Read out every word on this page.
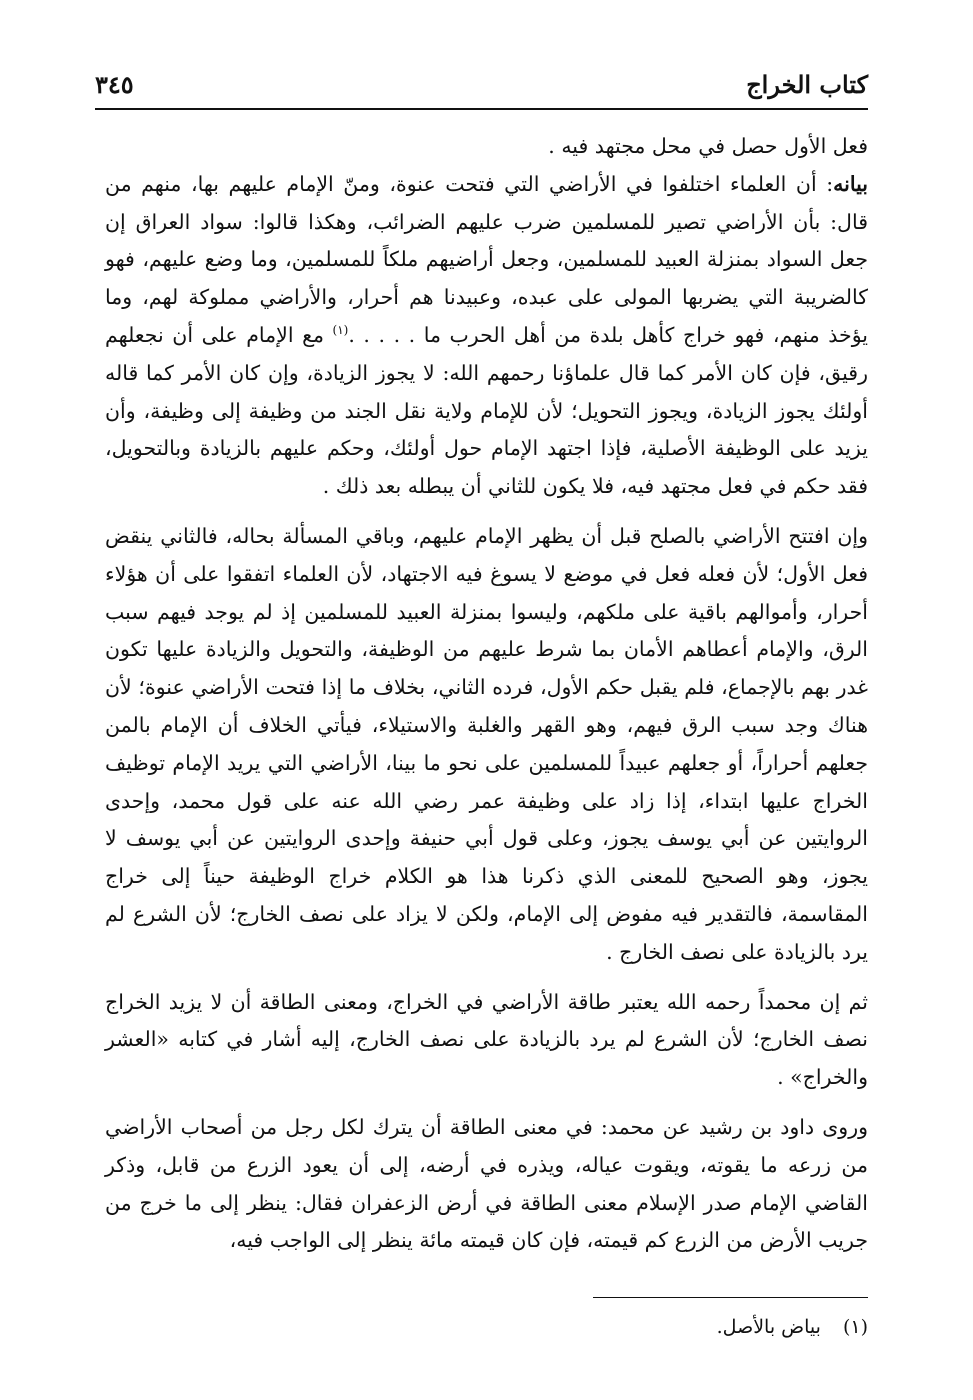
كتاب الخراج
٣٤٥

فعل الأول حصل في محل مجتهد فيه .

بيانه: أن العلماء اختلفوا في الأراضي التي فتحت عنوة، ومنّ الإمام عليهم بها، منهم من قال: بأن الأراضي تصير للمسلمين ضرب عليهم الضرائب، وهكذا قالوا: سواد العراق إن جعل السواد بمنزلة العبيد للمسلمين، وجعل أراضيهم ملكاً للمسلمين، وما وضع عليهم، فهو كالضريبة التي يضربها المولى على عبده، وعبيدنا هم أحرار، والأراضي مملوكة لهم، وما يؤخذ منهم، فهو خراج كأهل بلدة من أهل الحرب ما . . . . .$^{(١)}$ مع الإمام على أن نجعلهم رقيق، فإن كان الأمر كما قال علماؤنا رحمهم الله: لا يجوز الزيادة، وإن كان الأمر كما قاله أولئك يجوز الزيادة، ويجوز التحويل؛ لأن للإمام ولاية نقل الجند من وظيفة إلى وظيفة، وأن يزيد على الوظيفة الأصلية، فإذا اجتهد الإمام حول أولئك، وحكم عليهم بالزيادة وبالتحويل، فقد حكم في فعل مجتهد فيه، فلا يكون للثاني أن يبطله بعد ذلك .

وإن افتتح الأراضي بالصلح قبل أن يظهر الإمام عليهم، وباقي المسألة بحاله، فالثاني ينقض فعل الأول؛ لأن فعله فعل في موضع لا يسوغ فيه الاجتهاد، لأن العلماء اتفقوا على أن هؤلاء أحرار، وأموالهم باقية على ملكهم، وليسوا بمنزلة العبيد للمسلمين إذ لم يوجد فيهم سبب الرق، والإمام أعطاهم الأمان بما شرط عليهم من الوظيفة، والتحويل والزيادة عليها تكون غدر بهم بالإجماع، فلم يقبل حكم الأول، فرده الثاني، بخلاف ما إذا فتحت الأراضي عنوة؛ لأن هناك وجد سبب الرق فيهم، وهو القهر والغلبة والاستيلاء، فيأتي الخلاف أن الإمام بالمن جعلهم أحراراً، أو جعلهم عبيداً للمسلمين على نحو ما بينا، الأراضي التي يريد الإمام توظيف الخراج عليها ابتداء، إذا زاد على وظيفة عمر رضي الله عنه على قول محمد، وإحدى الروايتين عن أبي يوسف يجوز، وعلى قول أبي حنيفة وإحدى الروايتين عن أبي يوسف لا يجوز، وهو الصحيح للمعنى الذي ذكرنا هذا هو الكلام خراج الوظيفة حيناً إلى خراج المقاسمة، فالتقدير فيه مفوض إلى الإمام، ولكن لا يزاد على نصف الخارج؛ لأن الشرع لم يرد بالزيادة على نصف الخارج .

ثم إن محمداً رحمه الله يعتبر طاقة الأراضي في الخراج، ومعنى الطاقة أن لا يزيد الخراج نصف الخارج؛ لأن الشرع لم يرد بالزيادة على نصف الخارج، إليه أشار في كتابه «العشر والخراج» .

وروى داود بن رشيد عن محمد: في معنى الطاقة أن يترك لكل رجل من أصحاب الأراضي من زرعه ما يقوته، ويقوت عياله، ويذره في أرضه، إلى أن يعود الزرع من قابل، وذكر القاضي الإمام صدر الإسلام معنى الطاقة في أرض الزعفران فقال: ينظر إلى ما خرج من جريب الأرض من الزرع كم قيمته، فإن كان قيمته مائة ينظر إلى الواجب فيه،

(١)بياض بالأصل.
